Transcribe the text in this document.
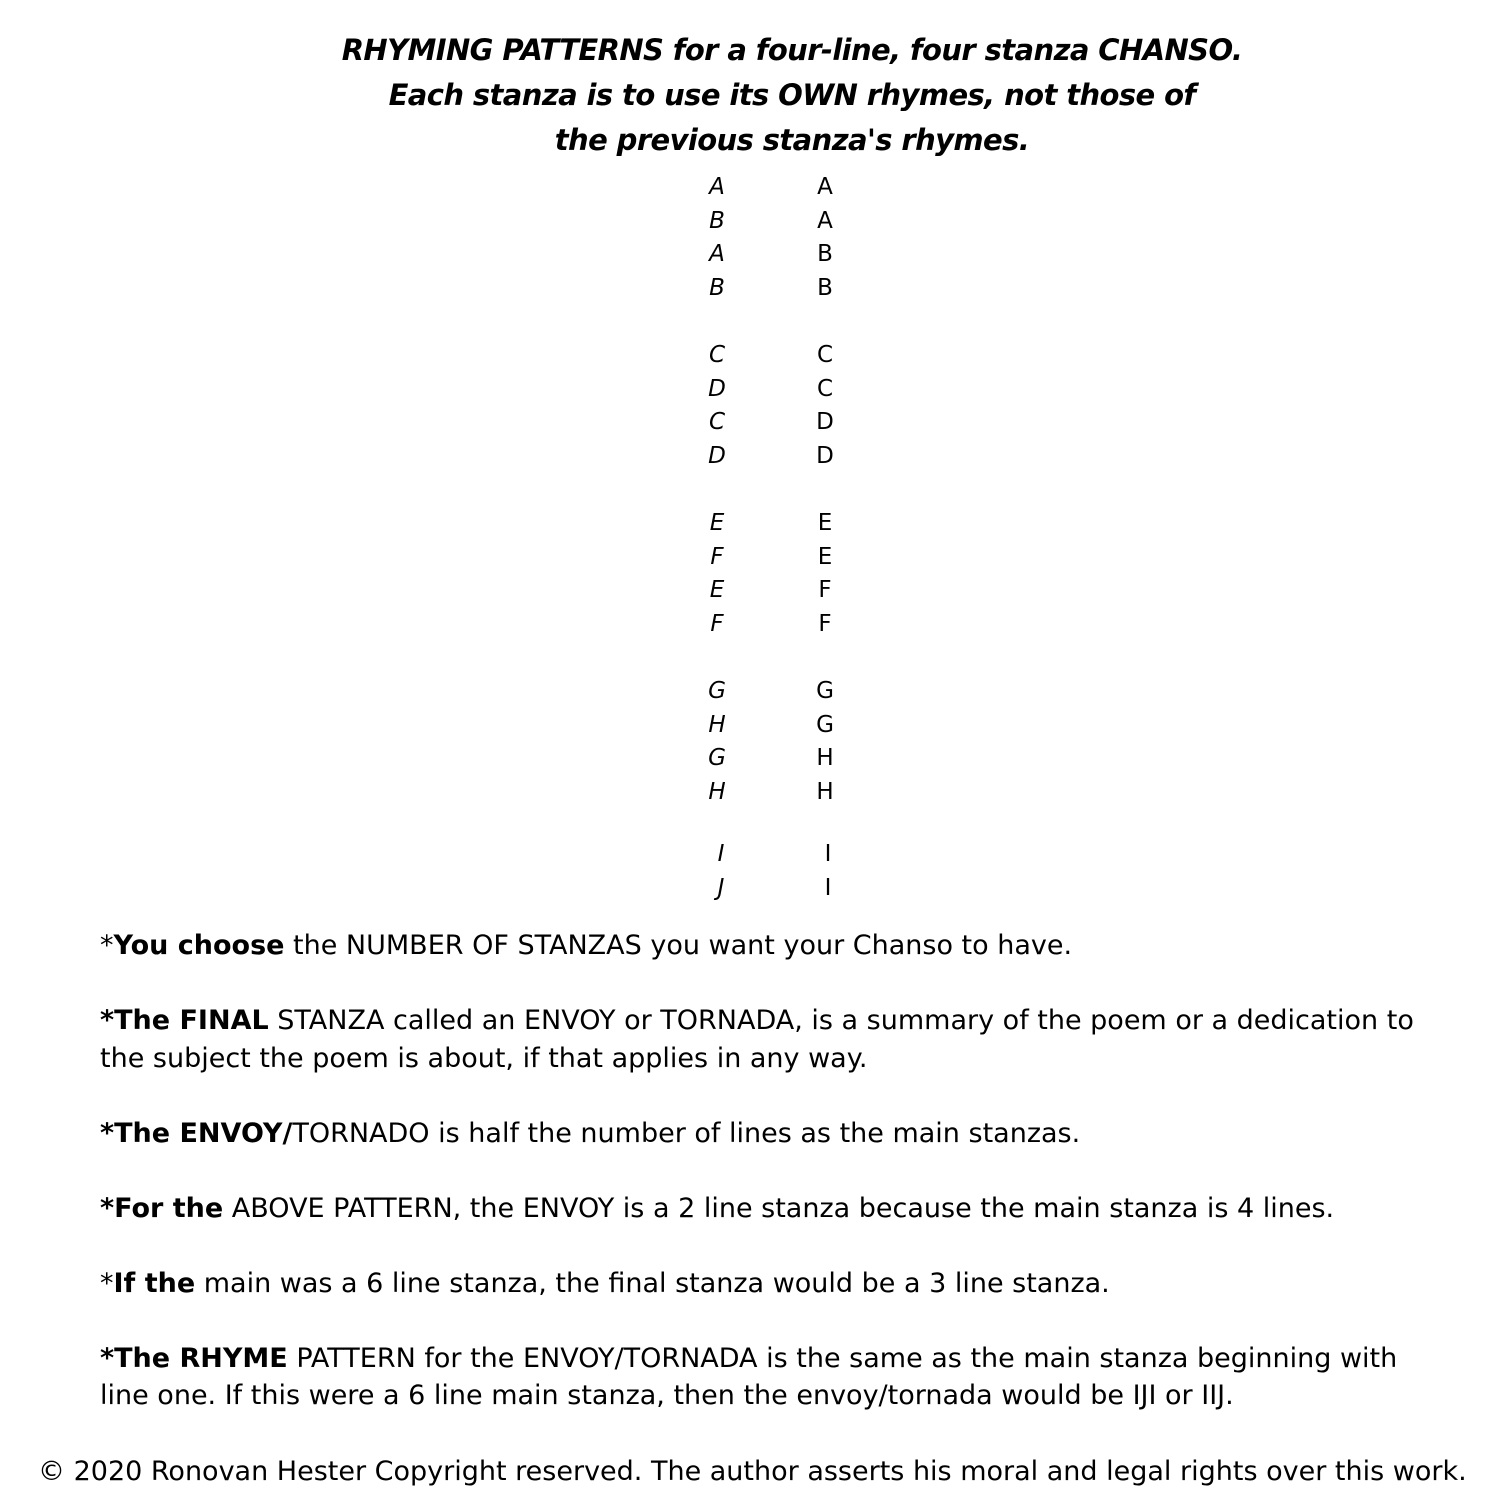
RHYMING PATTERNS for a four-line, four stanza CHANSO.
Each stanza is to use its OWN rhymes, not those of
the previous stanza's rhymes.
A
B
A
B
C
D
C
D
E
F
E
F
G
H
G
H
I
J
A
A
B
B
C
C
D
D
E
E
F
F
G
G
H
H
I
I

*You choose the NUMBER OF STANZAS you want your Chanso to have.

*The FINAL STANZA called an ENVOY or TORNADA, is a summary of the poem or a dedication to the subject the poem is about, if that applies in any way.

*The ENVOY/TORNADO is half the number of lines as the main stanzas.

*For the ABOVE PATTERN, the ENVOY is a 2 line stanza because the main stanza is 4 lines.

*If the main was a 6 line stanza, the final stanza would be a 3 line stanza.

*The RHYME PATTERN for the ENVOY/TORNADA is the same as the main stanza beginning with line one. If this were a 6 line main stanza, then the envoy/tornada would be IJI or IIJ.

© 2020 Ronovan Hester Copyright reserved. The author asserts his moral and legal rights over this work.
